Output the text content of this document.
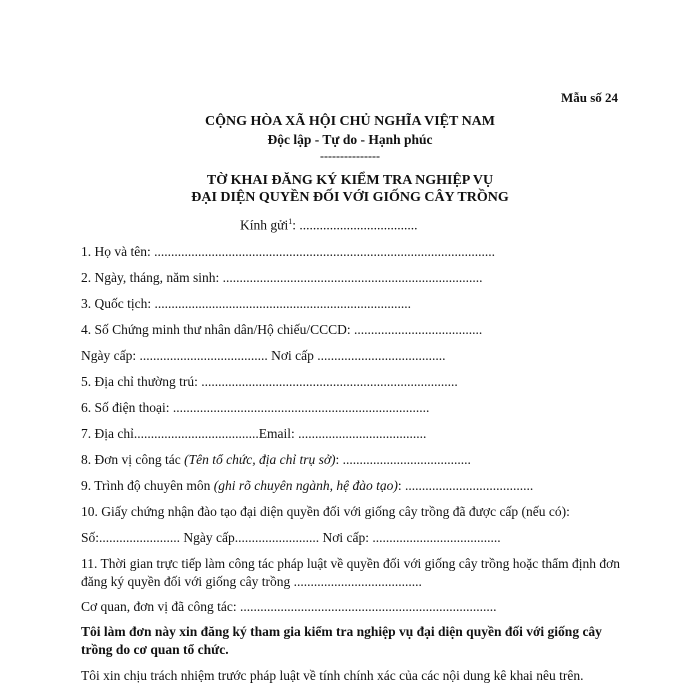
Mẫu số 24
CỘNG HÒA XÃ HỘI CHỦ NGHĨA VIỆT NAM
Độc lập - Tự do - Hạnh phúc
---------------
TỜ KHAI ĐĂNG KÝ KIỂM TRA NGHIỆP VỤ
ĐẠI DIỆN QUYỀN ĐỐI VỚI GIỐNG CÂY TRỒNG
Kính gửi$^1$: ...................................
1. Họ và tên: .....................................................................................................
2. Ngày, tháng, năm sinh: .............................................................................
3. Quốc tịch: ............................................................................
4. Số Chứng minh thư nhân dân/Hộ chiếu/CCCD: ......................................
Ngày cấp: ...................................... Nơi cấp ......................................
5. Địa chỉ thường trú: ............................................................................
6. Số điện thoại: ............................................................................
7. Địa chỉ.....................................Email: ......................................
8. Đơn vị công tác (Tên tổ chức, địa chỉ trụ sở): ......................................
9. Trình độ chuyên môn (ghi rõ chuyên ngành, hệ đào tạo): ......................................
10. Giấy chứng nhận đào tạo đại diện quyền đối với giống cây trồng đã được cấp (nếu có):
Số:........................ Ngày cấp......................... Nơi cấp: ......................................
11. Thời gian trực tiếp làm công tác pháp luật về quyền đối với giống cây trồng hoặc thẩm định đơn đăng ký quyền đối với giống cây trồng ......................................
Cơ quan, đơn vị đã công tác: ............................................................................
Tôi làm đơn này xin đăng ký tham gia kiểm tra nghiệp vụ đại diện quyền đối với giống cây trồng do cơ quan tổ chức.
Tôi xin chịu trách nhiệm trước pháp luật về tính chính xác của các nội dung kê khai nêu trên.
